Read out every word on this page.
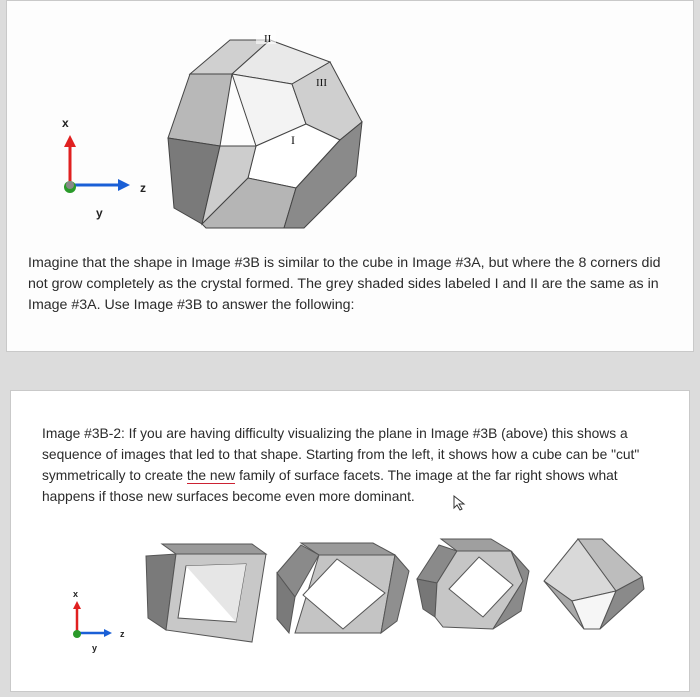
x
z
y
II
III
I

Imagine that the shape in Image #3B is similar to the cube in Image #3A, but where the 8 corners did not grow completely as the crystal formed. The grey shaded sides labeled I and II are the same as in Image #3A. Use Image #3B to answer the following:

Image #3B-2: If you are having difficulty visualizing the plane in Image #3B (above) this shows a sequence of images that led to that shape. Starting from the left, it shows how a cube can be "cut" symmetrically to create the new family of surface facets. The image at the far right shows what happens if those new surfaces become even more dominant.

x
z
y
